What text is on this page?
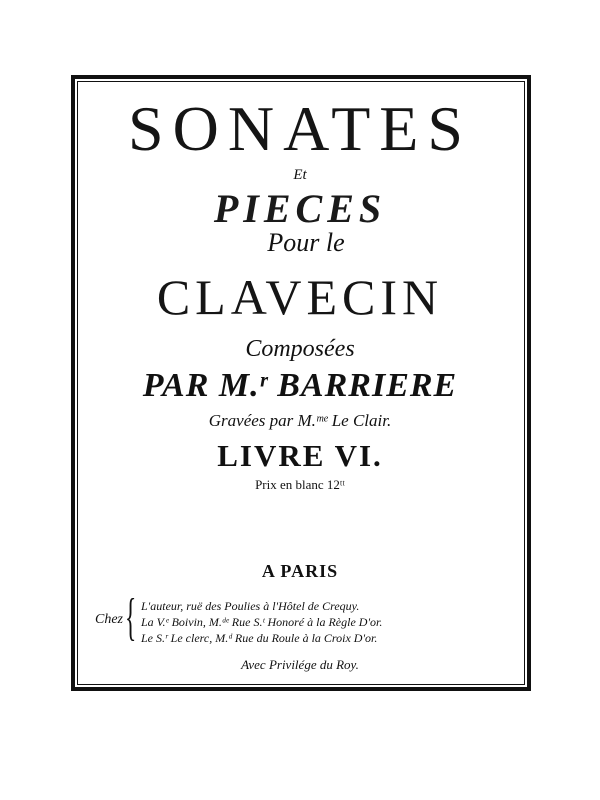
SONATES
Et
PIECES
Pour le
CLAVECIN
Composées
PAR M.ʳ BARRIERE
Gravées par M.ᵐᵉ Le Clair.
LIVRE VI.
Prix en blanc 12ᵗᵗ
A PARIS
Chez { L'auteur, ruë des Poulies à l'Hôtel de Crequy.
La V.ᵉ Boivin, M.ᵈᵉ Rue S.ᵗ Honoré à la Règle D'or.
Le S.ʳ Le clerc, M.ᵈ Rue du Roule à la Croix D'or.
Avec Privilége du Roy.
